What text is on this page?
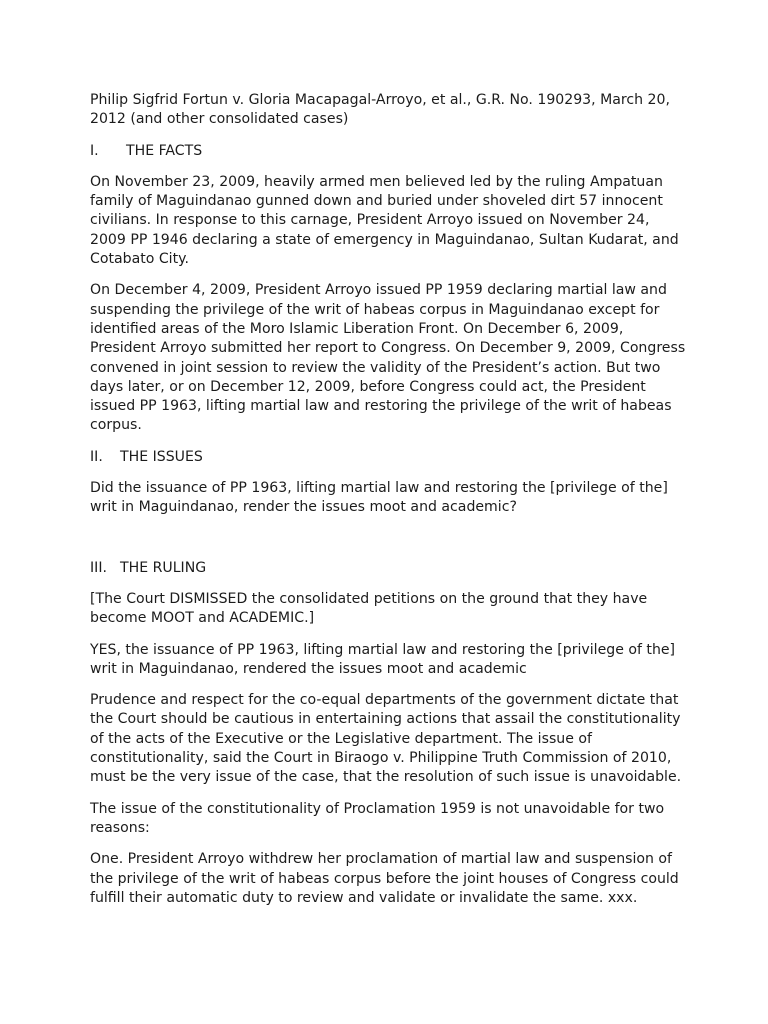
Philip Sigfrid Fortun v. Gloria Macapagal-Arroyo, et al., G.R. No. 190293, March 20,

2012 (and other consolidated cases)

I.	THE FACTS

On November 23, 2009, heavily armed men believed led by the ruling Ampatuan

family of Maguindanao gunned down and buried under shoveled dirt 57 innocent

civilians. In response to this carnage, President Arroyo issued on November 24,

2009 PP 1946 declaring a state of emergency in Maguindanao, Sultan Kudarat, and

Cotabato City.

On December 4, 2009, President Arroyo issued PP 1959 declaring martial law and

suspending the privilege of the writ of habeas corpus in Maguindanao except for

identified areas of the Moro Islamic Liberation Front. On December 6, 2009,

President Arroyo submitted her report to Congress. On December 9, 2009, Congress

convened in joint session to review the validity of the President’s action. But two

days later, or on December 12, 2009, before Congress could act, the President

issued PP 1963, lifting martial law and restoring the privilege of the writ of habeas

corpus.

II.	THE ISSUES

Did the issuance of PP 1963, lifting martial law and restoring the [privilege of the]

writ in Maguindanao, render the issues moot and academic?

III. THE RULING

[The Court DISMISSED the consolidated petitions on the ground that they have

become MOOT and ACADEMIC.]

YES, the issuance of PP 1963, lifting martial law and restoring the [privilege of the]

writ in Maguindanao, rendered the issues moot and academic

Prudence and respect for the co-equal departments of the government dictate that

the Court should be cautious in entertaining actions that assail the constitutionality

of the acts of the Executive or the Legislative department. The issue of

constitutionality, said the Court in Biraogo v. Philippine Truth Commission of 2010,

must be the very issue of the case, that the resolution of such issue is unavoidable.

The issue of the constitutionality of Proclamation 1959 is not unavoidable for two

reasons:

One. President Arroyo withdrew her proclamation of martial law and suspension of

the privilege of the writ of habeas corpus before the joint houses of Congress could

fulfill their automatic duty to review and validate or invalidate the same. xxx.
